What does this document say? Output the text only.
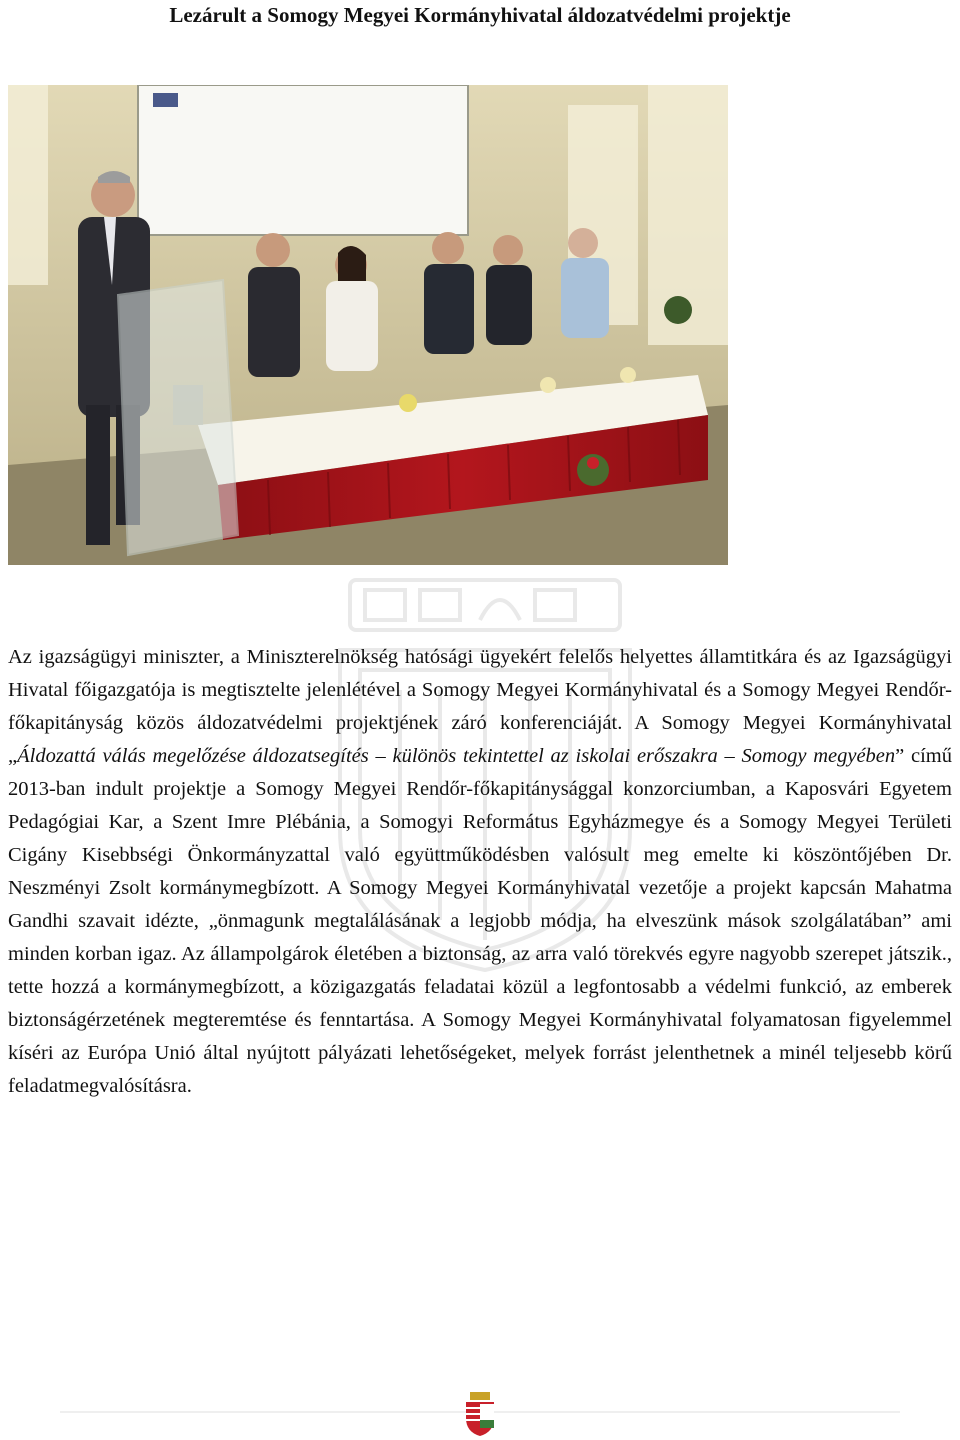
Lezárult a Somogy Megyei Kormányhivatal áldozatvédelmi projektje

Az igazságügyi miniszter, a Miniszterelnökség hatósági ügyekért felelős helyettes államtitkára és az Igazságügyi Hivatal főigazgatója is megtisztelte jelenlétével a Somogy Megyei Kormányhivatal és a Somogy Megyei Rendőr-főkapitányság közös áldozatvédelmi projektjének záró konferenciáját. A Somogy Megyei Kormányhivatal „Áldozattá válás megelőzése áldozatsegítés – különös tekintettel az iskolai erőszakra – Somogy megyében” című 2013-ban indult projektje a Somogy Megyei Rendőr-főkapitánysággal konzorciumban, a Kaposvári Egyetem Pedagógiai Kar, a Szent Imre Plébánia, a Somogyi Református Egyházmegye és a Somogy Megyei Területi Cigány Kisebbségi Önkormányzattal való együttműködésben valósult meg emelte ki köszöntőjében Dr. Neszményi Zsolt kormánymegbízott. A Somogy Megyei Kormányhivatal vezetője a projekt kapcsán Mahatma Gandhi szavait idézte, „önmagunk megtalálásának a legjobb módja, ha elveszünk mások szolgálatában” ami minden korban igaz. Az állampolgárok életében a biztonság, az arra való törekvés egyre nagyobb szerepet játszik., tette hozzá a kormánymegbízott, a közigazgatás feladatai közül a legfontosabb a védelmi funkció, az emberek biztonságérzetének megteremtése és fenntartása. A Somogy Megyei Kormányhivatal folyamatosan figyelemmel kíséri az Európa Unió által nyújtott pályázati lehetőségeket, melyek forrást jelenthetnek a minél teljesebb körű feladatmegvalósításra.
